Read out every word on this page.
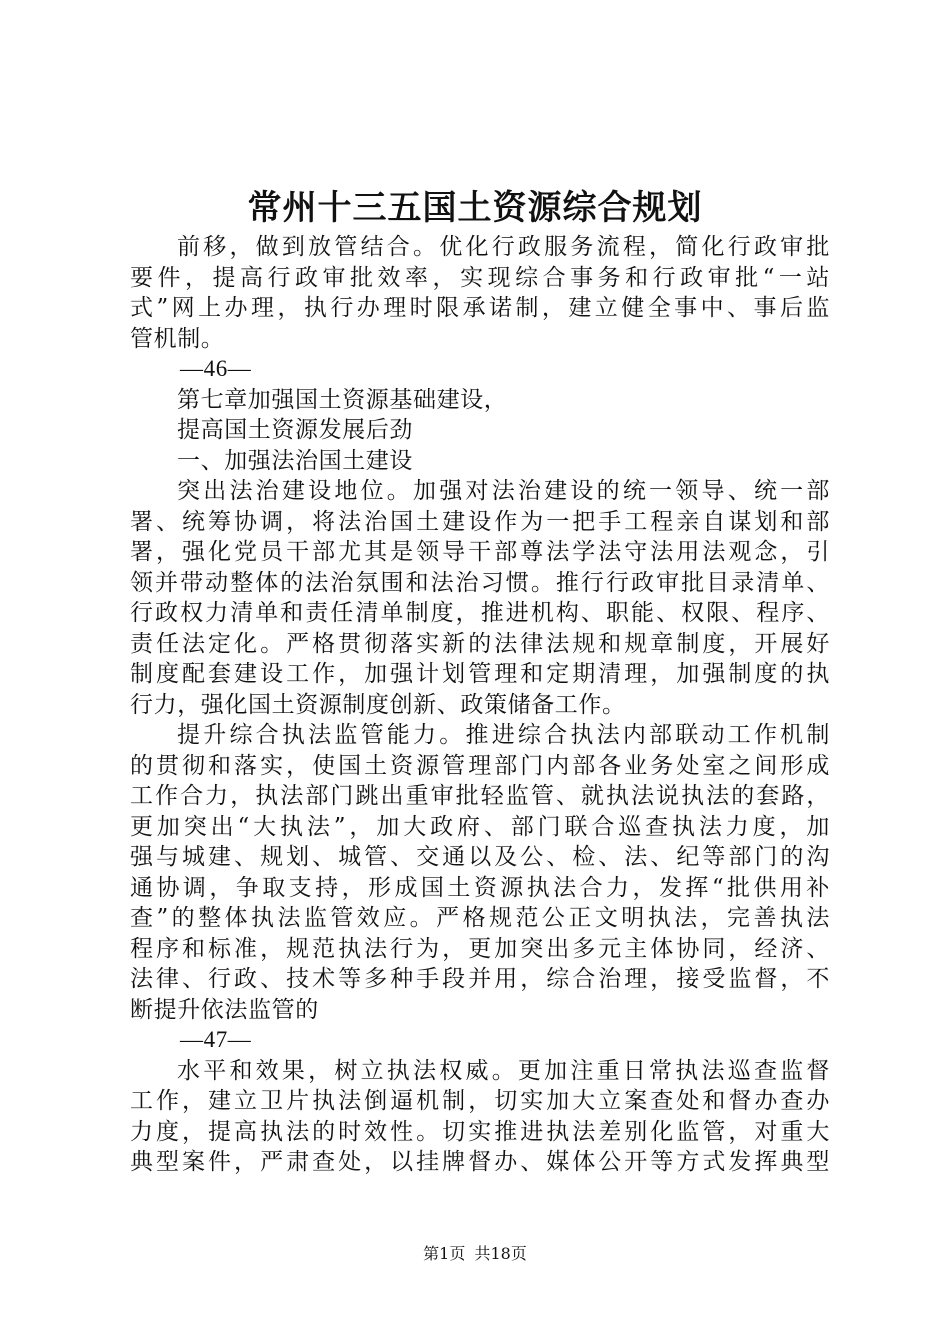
常州十三五国土资源综合规划
前移，做到放管结合。优化行政服务流程，简化行政审批
要件，提高行政审批效率，实现综合事务和行政审批“一站
式”网上办理，执行办理时限承诺制，建立健全事中、事后监
管机制。
—46—
第七章加强国土资源基础建设，
提高国土资源发展后劲
一、加强法治国土建设
突出法治建设地位。加强对法治建设的统一领导、统一部
署、统筹协调，将法治国土建设作为一把手工程亲自谋划和部
署，强化党员干部尤其是领导干部尊法学法守法用法观念，引
领并带动整体的法治氛围和法治习惯。推行行政审批目录清单、
行政权力清单和责任清单制度，推进机构、职能、权限、程序、
责任法定化。严格贯彻落实新的法律法规和规章制度，开展好
制度配套建设工作，加强计划管理和定期清理，加强制度的执
行力，强化国土资源制度创新、政策储备工作。
提升综合执法监管能力。推进综合执法内部联动工作机制
的贯彻和落实，使国土资源管理部门内部各业务处室之间形成
工作合力，执法部门跳出重审批轻监管、就执法说执法的套路，
更加突出“大执法”，加大政府、部门联合巡查执法力度，加
强与城建、规划、城管、交通以及公、检、法、纪等部门的沟
通协调，争取支持，形成国土资源执法合力，发挥“批供用补
查”的整体执法监管效应。严格规范公正文明执法，完善执法
程序和标准，规范执法行为，更加突出多元主体协同，经济、
法律、行政、技术等多种手段并用，综合治理，接受监督，不
断提升依法监管的
—47—
水平和效果，树立执法权威。更加注重日常执法巡查监督
工作，建立卫片执法倒逼机制，切实加大立案查处和督办查办
力度，提高执法的时效性。切实推进执法差别化监管，对重大
典型案件，严肃查处，以挂牌督办、媒体公开等方式发挥典型
第1页 共18页
